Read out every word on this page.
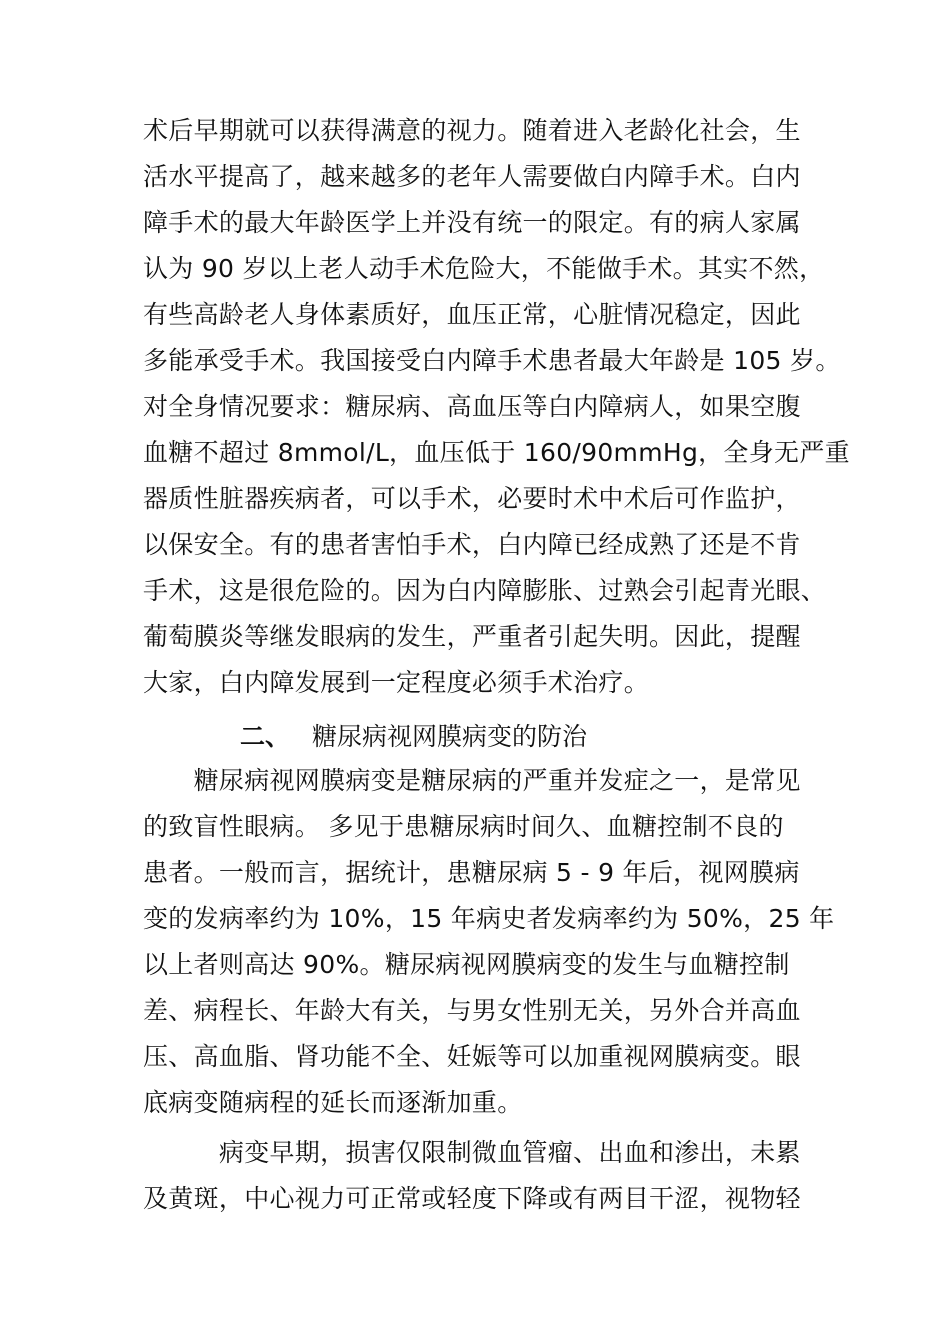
术后早期就可以获得满意的视力。随着进入老龄化社会，生
活水平提高了，越来越多的老年人需要做白内障手术。白内
障手术的最大年龄医学上并没有统一的限定。有的病人家属
认为 90 岁以上老人动手术危险大，不能做手术。其实不然，
有些高龄老人身体素质好，血压正常，心脏情况稳定，因此
多能承受手术。我国接受白内障手术患者最大年龄是 105 岁。
对全身情况要求：糖尿病、高血压等白内障病人，如果空腹
血糖不超过 8mmol/L，血压低于 160/90mmHg，全身无严重
器质性脏器疾病者，可以手术，必要时术中术后可作监护，
以保安全。有的患者害怕手术，白内障已经成熟了还是不肯
手术，这是很危险的。因为白内障膨胀、过熟会引起青光眼、
葡萄膜炎等继发眼病的发生，严重者引起失明。因此，提醒
大家，白内障发展到一定程度必须手术治疗。
二、 糖尿病视网膜病变的防治
　　糖尿病视网膜病变是糖尿病的严重并发症之一，是常见
的致盲性眼病。 多见于患糖尿病时间久、血糖控制不良的
患者。一般而言，据统计，患糖尿病 5 - 9 年后，视网膜病
变的发病率约为 10%，15 年病史者发病率约为 50%，25 年
以上者则高达 90%。糖尿病视网膜病变的发生与血糖控制
差、病程长、年龄大有关，与男女性别无关，另外合并高血
压、高血脂、肾功能不全、妊娠等可以加重视网膜病变。眼
底病变随病程的延长而逐渐加重。
　　　病变早期，损害仅限制微血管瘤、出血和渗出，未累
及黄斑，中心视力可正常或轻度下降或有两目干涩，视物轻
